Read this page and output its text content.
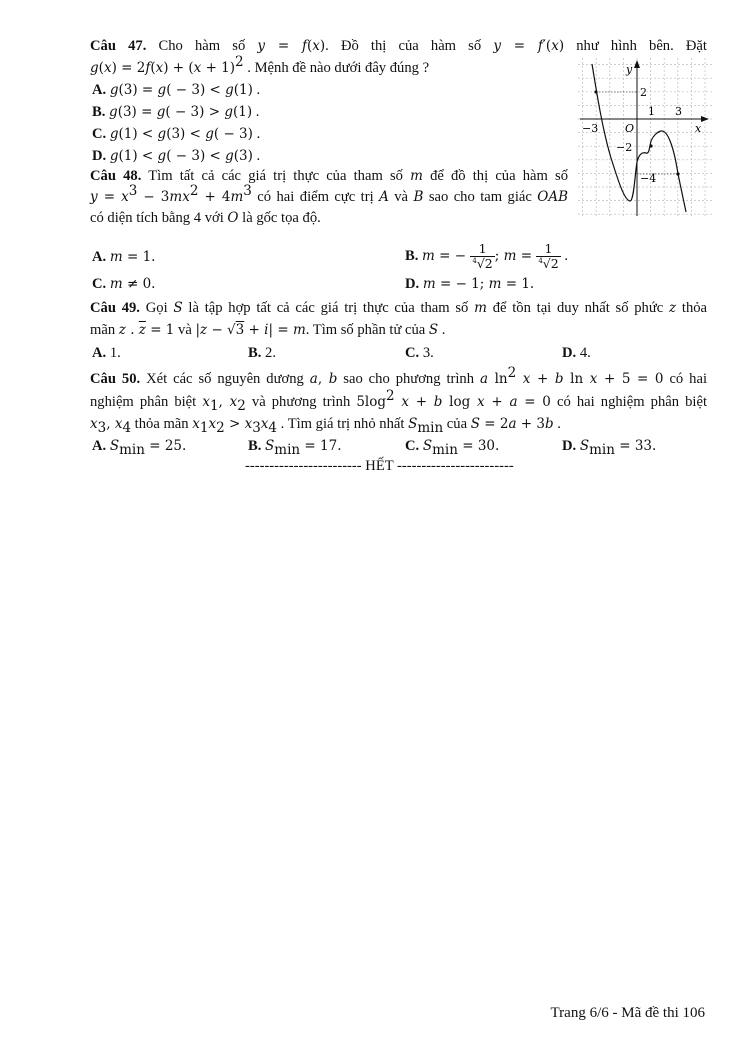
Câu 47. Cho hàm số y = f(x). Đồ thị của hàm số y = f′(x) như hình bên. Đặt
$g(x) = 2f(x) + (x + 1)^2$ . Mệnh đề nào dưới đây đúng ?
A. g(3) = g( − 3) < g(1) .
B. g(3) = g( − 3) > g(1) .
C. g(1) < g(3) < g( − 3) .
D. g(1) < g( − 3) < g(3) .
y
x
O
−3
1 3
2
−2
−4
Câu 48. Tìm tất cả các giá trị thực của tham số m để đồ thị của hàm số
$y = x^3 - 3mx^2 + 4m^3$ có hai điểm cực trị A và B sao cho tam giác OAB
có diện tích bằng 4 với O là gốc tọa độ.
A. m = 1.	B. m = − $\frac{1}{^4√2}$ ; $m = \frac{1}{^4√2}$ .
C. m ≠ 0.	D. m = − 1; m = 1.
Câu 49. Gọi S là tập hợp tất cả các giá trị thực của tham số m để tồn tại duy nhất số phức z thỏa
mãn z . $\overline{z} = 1$ và |z − √3 + i| = m. Tìm số phần tử của S .
A. 1.	B. 2.	C. 3.	D. 4.
Câu 50. Xét các số nguyên dương a, b sao cho phương trình a $\ln^2 x + b$ ln x + 5 = 0 có hai
nghiệm phân biệt $x_1$, $x_2$ và phương trình $5\log^2$ x + b log x + a = 0 có hai nghiệm phân biệt
$x_3$, $x_4$ thỏa mãn $x_1x_2 > x_3x_4$ . Tìm giá trị nhỏ nhất $S_{min}$ của S = 2a + 3b .
A. $S_{min} = 25$.	B. $S_{min} = 17$.	C. $S_{min} = 30$.	D. $S_{min} = 33$.
------------------------ HẾT ------------------------
Trang 6/6 - Mã đề thi 106
